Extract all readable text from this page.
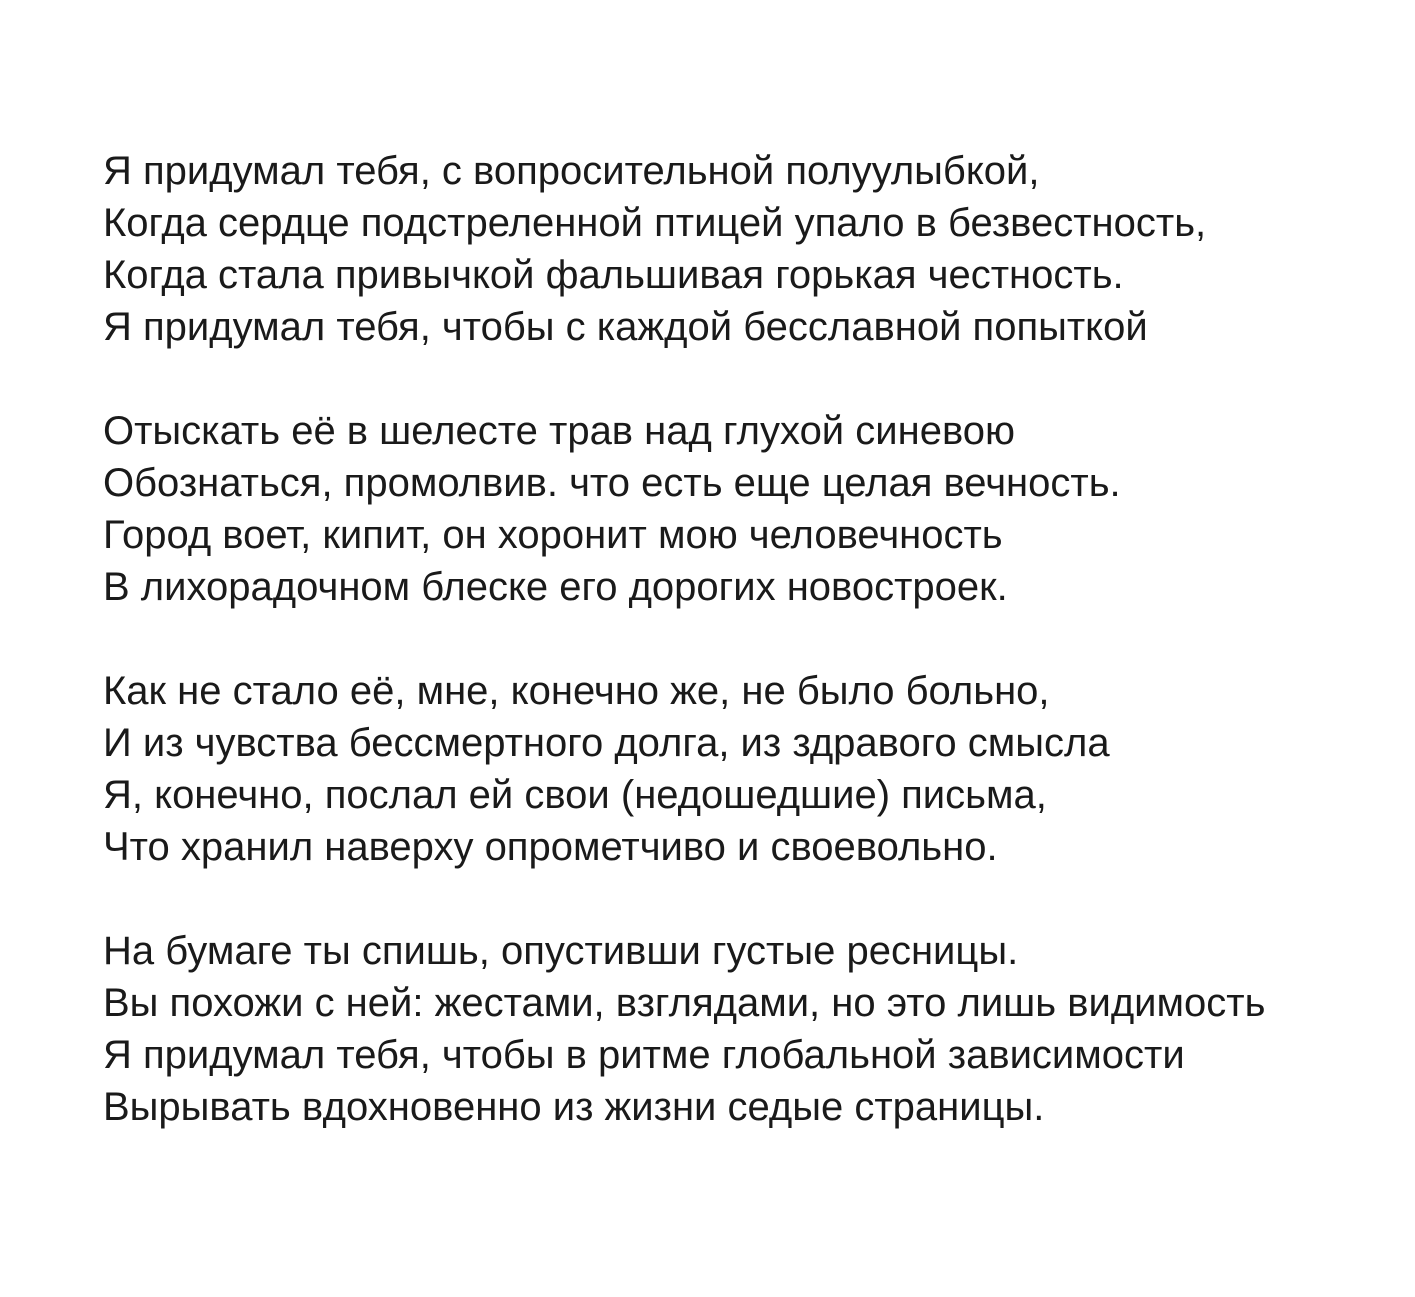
Я придумал тебя, с вопросительной полуулыбкой,
Когда сердце подстреленной птицей упало в безвестность,
Когда стала привычкой фальшивая горькая честность.
Я придумал тебя, чтобы с каждой бесславной попыткой
Отыскать её в шелесте трав над глухой синевою
Обознаться, промолвив. что есть еще целая вечность.
Город воет, кипит, он хоронит мою человечность
В лихорадочном блеске его дорогих новостроек.
Как не стало её, мне, конечно же, не было больно,
И из чувства бессмертного долга, из здравого смысла
Я, конечно, послал ей свои (недошедшие) письма,
Что хранил наверху опрометчиво и своевольно.
На бумаге ты спишь, опустивши густые ресницы.
Вы похожи с ней: жестами, взглядами, но это лишь видимость
Я придумал тебя, чтобы в ритме глобальной зависимости
Вырывать вдохновенно из жизни седые страницы.
